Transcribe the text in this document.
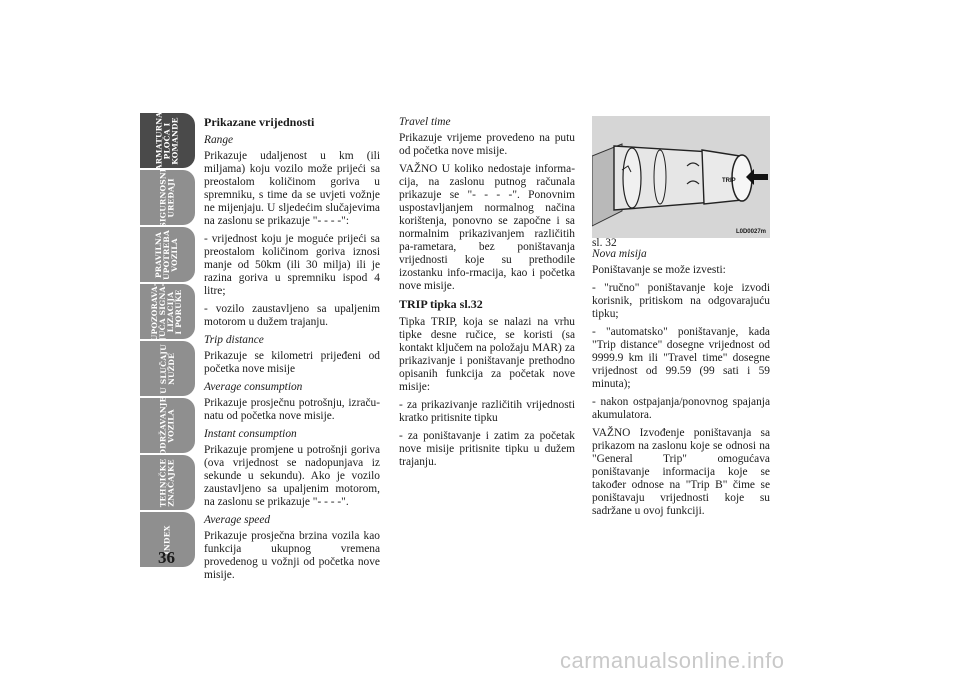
ARMATURNA
PLOČA I
KOMANDE
SIGURNOSNI
UREĐAJI
PRAVILNA
UPOTREBA
VOZILA
UPOZORAVA-
JUĆA SIGNA-
LIZACIJA
I PORUKE
U SLUČAJU
NUŽDE
ODRŽAVANJE
VOZILA
TEHNIČKE
ZNAČAJKE
INDEX
36

Prikazane vrijednosti

Range

Prikazuje udaljenost u km (ili miljama) koju vozilo može prijeći sa preostalom količinom goriva u spremniku, s time da se uvjeti vožnje ne mijenjaju. U sljedećim slučajevima na zaslonu se prikazuje "- - - -":

- vrijednost koju je moguće prijeći sa preostalom količinom goriva iznosi manje od 50km (ili 30 milja) ili je razina goriva u spremniku ispod 4 litre;

- vozilo zaustavljeno sa upaljenim motorom u dužem trajanju.

Trip distance

Prikazuje se kilometri prijeđeni od početka nove misije

Average consumption

Prikazuje prosječnu potrošnju, izraču-natu od početka nove misije.

Instant consumption

Prikazuje promjene u potrošnji goriva (ova vrijednost se nadopunjava iz sekunde u sekundu). Ako je vozilo zaustavljeno sa upaljenim motorom, na zaslonu se prikazuje "- - - -".

Average speed

Prikazuje prosječna brzina vozila kao funkcija ukupnog vremena provedenog u vožnji od početka nove misije.

Travel time

Prikazuje vrijeme provedeno na putu od početka nove misije.

VAŽNO U koliko nedostaje informa-cija, na zaslonu putnog računala prikazuje se "- - - -". Ponovnim uspostavljanjem normalnog načina korištenja, ponovno se započne i sa normalnim prikazivanjem različitih pa-rametara, bez poništavanja vrijednosti koje su prethodile izostanku info-rmacija, kao i početka nove misije.

TRIP tipka sl.32

Tipka TRIP, koja se nalazi na vrhu tipke desne ručice, se koristi (sa kontakt ključem na položaju MAR) za prikazivanje i poništavanje prethodno opisanih funkcija za početak nove misije:

- za prikazivanje različitih vrijednosti kratko pritisnite tipku

- za poništavanje i zatim za početak nove misije pritisnite tipku u dužem trajanju.

TRIP
L0D0027m
sl. 32

Nova misija

Poništavanje se može izvesti:

- "ručno" poništavanje koje izvodi korisnik, pritiskom na odgovarajuću tipku;

- "automatsko" poništavanje, kada "Trip distance" dosegne vrijednost od 9999.9 km ili "Travel time" dosegne vrijednost od 99.59 (99 sati i 59 minuta);

- nakon ostpajanja/ponovnog spajanja akumulatora.

VAŽNO Izvođenje poništavanja sa prikazom na zaslonu koje se odnosi na "General Trip" omogućava poništavanje informacija koje se također odnose na "Trip B" čime se poništavaju vrijednosti koje su sadržane u ovoj funkciji.

carmanualsonline.info
